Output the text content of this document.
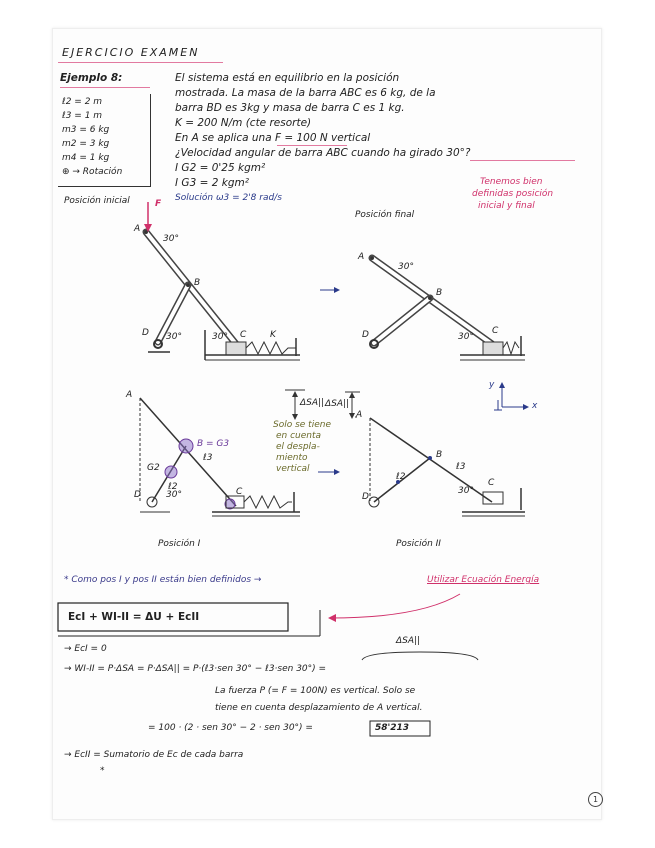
EJERCICIO EXAMEN
Ejemplo 8:
ℓ2 = 2 m
ℓ3 = 1 m
m3 = 6 kg
m2 = 3 kg
m4 = 1 kg
⊕ → Rotación
El sistema está en equilibrio en la posición
mostrada. La masa de la barra ABC es 6 kg, de la
barra BD es 3kg y masa de barra C es 1 kg.
K = 200 N/m (cte resorte)
En A se aplica una F = 100 N vertical
¿Velocidad angular de barra ABC cuando ha girado 30°?
I G2 = 0'25 kgm²
I G3 = 2 kgm²
Solución ω3 = 2'8 rad/s
Tenemos bien
definidas posición
inicial y final
Posición inicial
Posición final
A
F
30°
B
D 30°	30° C	K
A
30°
B
D	30°
C
y
x
A
B = G3
ℓ3
G2
ℓ2
D	30°	C
ΔSA||
Solo se tiene
en cuenta
el despla-
miento
vertical
A
B
ℓ3
ℓ2
D
30°
C
ΔSA||
Posición I	Posición II
* Como pos I y pos II están bien definidos →	Utilizar Ecuación Energía
EcI + WI-II = ΔU + EcII
→ EcI = 0
ΔSA||
→ WI-II = P·ΔSA = P·ΔSA|| = P·(ℓ3·sen 30° − ℓ3·sen 30°) =
La fuerza P (= F = 100N) es vertical. Solo se
tiene en cuenta desplazamiento de A vertical.
= 100 · (2 · sen 30° − 2 · sen 30°) =	58'213
→ EcII = Sumatorio de Ec de cada barra
*
1
